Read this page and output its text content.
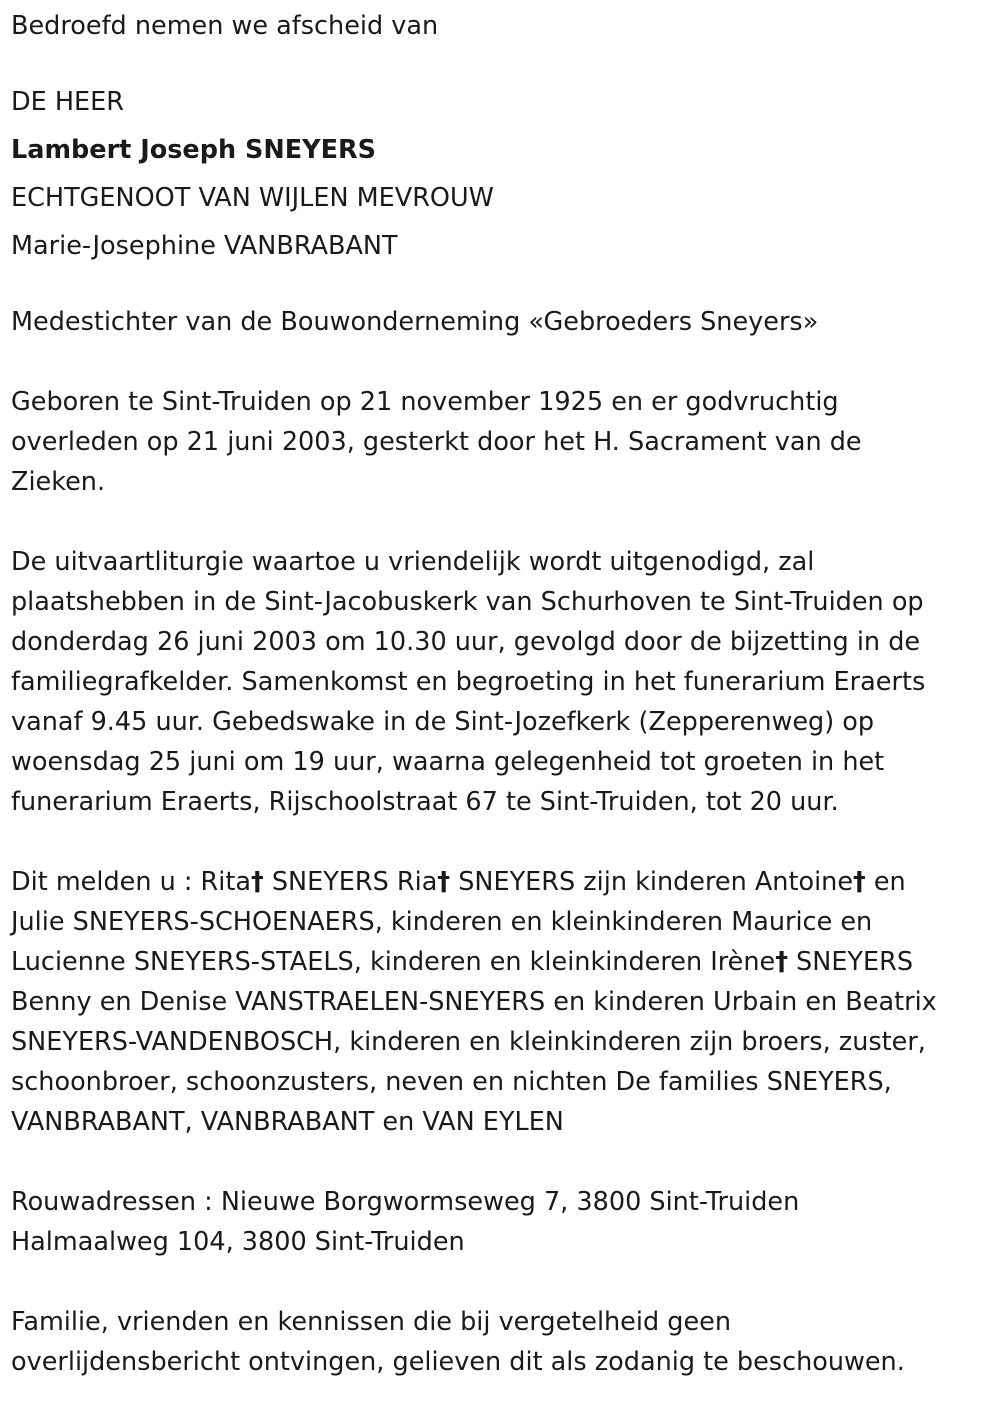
Bedroefd nemen we afscheid van
DE HEER
Lambert Joseph SNEYERS
ECHTGENOOT VAN WIJLEN MEVROUW
Marie-Josephine VANBRABANT
Medestichter van de Bouwonderneming «Gebroeders Sneyers»
Geboren te Sint-Truiden op 21 november 1925 en er godvruchtig
overleden op 21 juni 2003, gesterkt door het H. Sacrament van de
Zieken.
De uitvaartliturgie waartoe u vriendelijk wordt uitgenodigd, zal
plaatshebben in de Sint-Jacobuskerk van Schurhoven te Sint-Truiden op
donderdag 26 juni 2003 om 10.30 uur, gevolgd door de bijzetting in de
familiegrafkelder. Samenkomst en begroeting in het funerarium Eraerts
vanaf 9.45 uur. Gebedswake in de Sint-Jozefkerk (Zepperenweg) op
woensdag 25 juni om 19 uur, waarna gelegenheid tot groeten in het
funerarium Eraerts, Rijschoolstraat 67 te Sint-Truiden, tot 20 uur.
Dit melden u : Rita† SNEYERS Ria† SNEYERS zijn kinderen Antoine† en
Julie SNEYERS-SCHOENAERS, kinderen en kleinkinderen Maurice en
Lucienne SNEYERS-STAELS, kinderen en kleinkinderen Irène† SNEYERS
Benny en Denise VANSTRAELEN-SNEYERS en kinderen Urbain en Beatrix
SNEYERS-VANDENBOSCH, kinderen en kleinkinderen zijn broers, zuster,
schoonbroer, schoonzusters, neven en nichten De families SNEYERS,
VANBRABANT, VANBRABANT en VAN EYLEN
Rouwadressen : Nieuwe Borgwormseweg 7, 3800 Sint-Truiden
Halmaalweg 104, 3800 Sint-Truiden
Familie, vrienden en kennissen die bij vergetelheid geen
overlijdensbericht ontvingen, gelieven dit als zodanig te beschouwen.
